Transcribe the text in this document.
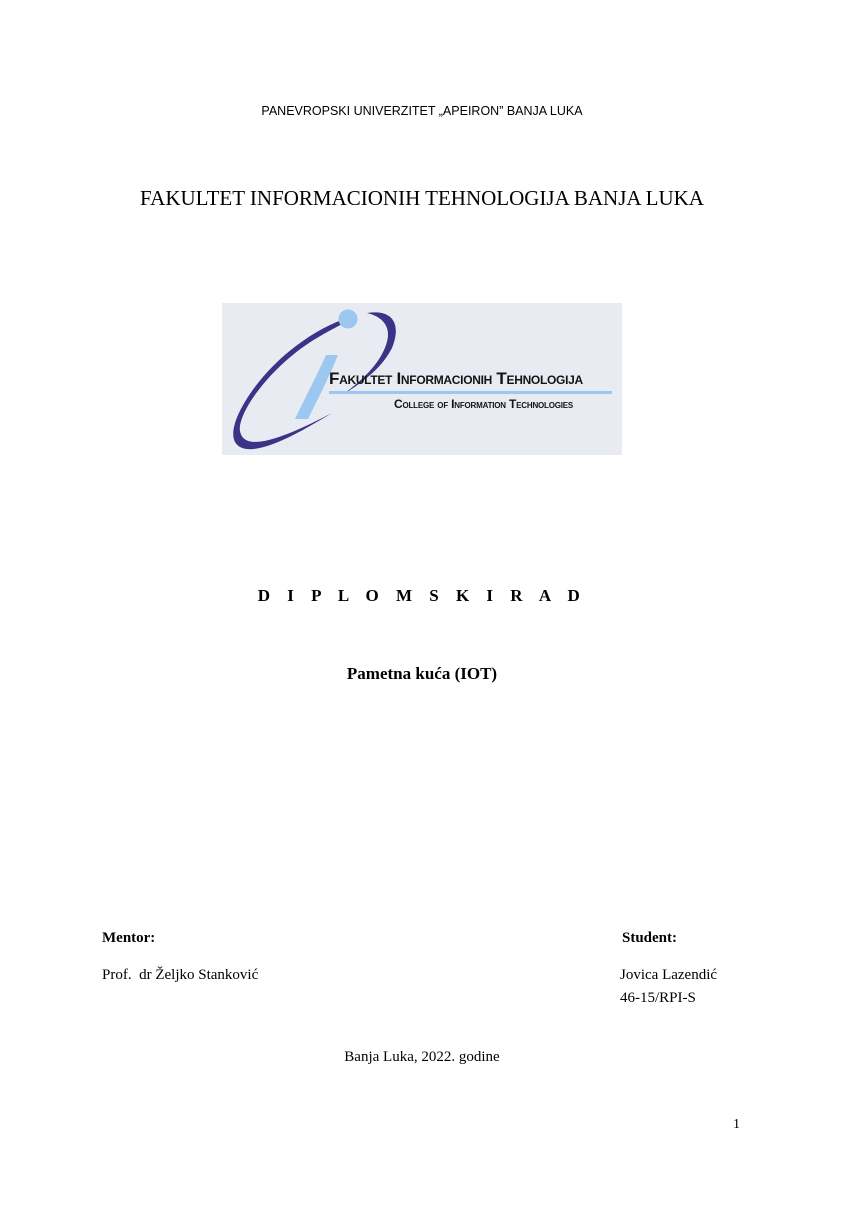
PANEVROPSKI UNIVERZITET „APEIRON” BANJA LUKA
FAKULTET INFORMACIONIH TEHNOLOGIJA BANJA LUKA
Fakultet Informacionih Tehnologija
College of Information Technologies
D I P L O M S K I R A D
Pametna kuća (IOT)
Mentor:
Prof.  dr Željko Stanković
Student:
Jovica Lazendić
46-15/RPI-S
Banja Luka, 2022. godine
1
